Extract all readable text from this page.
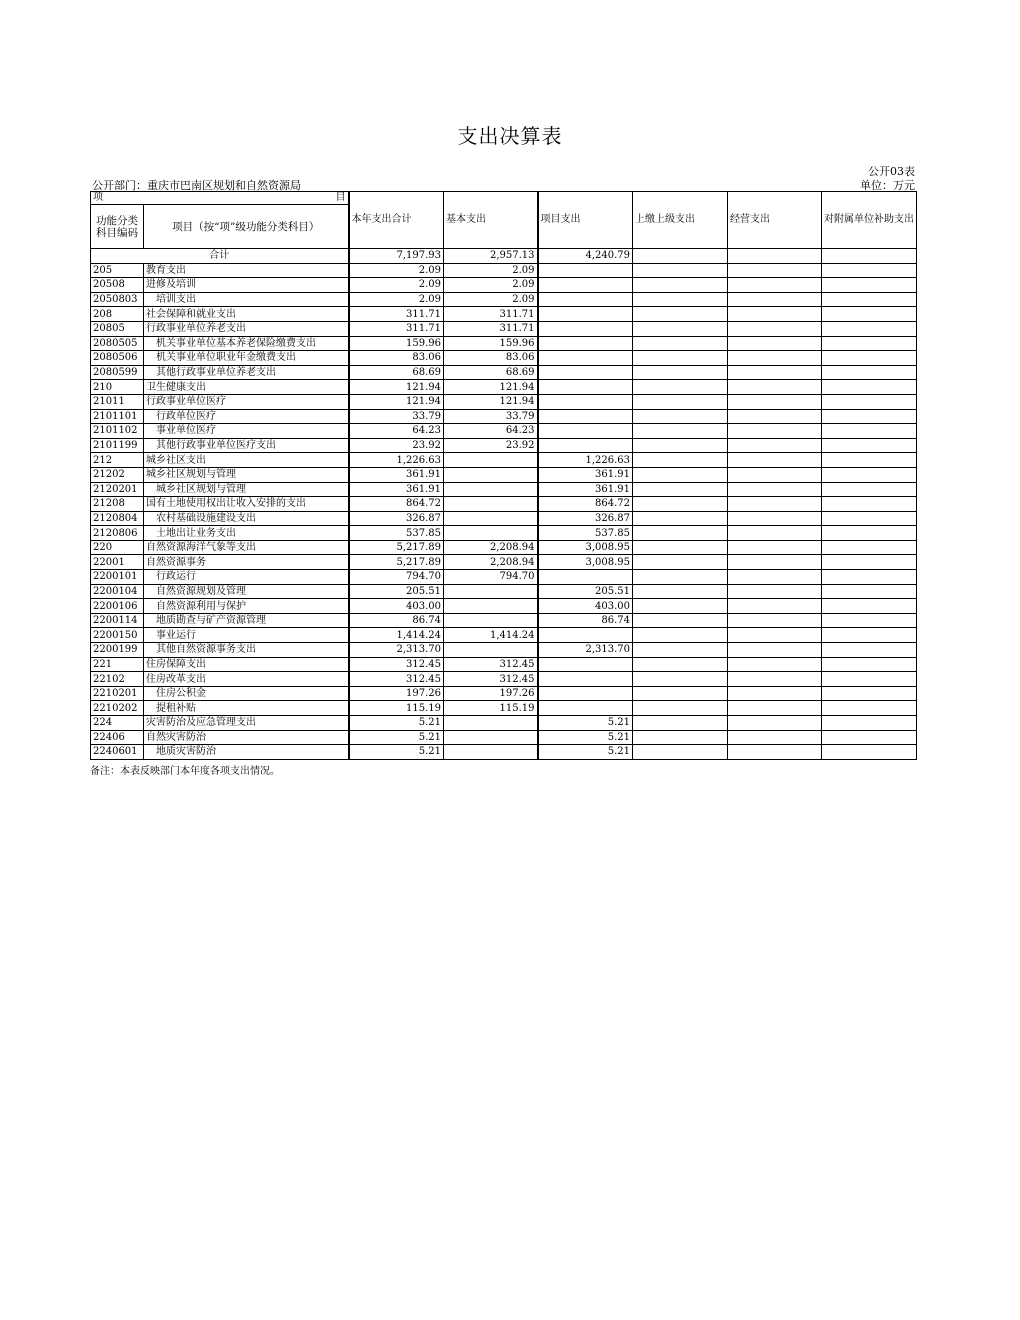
支出决算表
公开03表
公开部门：重庆市巴南区规划和自然资源局	单位：万元
项 目		本年支出合计	基本支出	项目支出	上缴上级支出	经营支出	对附属单位补助支出
功能分类科目编码	项目（按“项”级功能分类科目）						
合计		7,197.93	2,957.13	4,240.79			
205	教育支出	2.09	2.09				
20508	进修及培训	2.09	2.09				
2050803	培训支出	2.09	2.09				
208	社会保障和就业支出	311.71	311.71				
20805	行政事业单位养老支出	311.71	311.71				
2080505	机关事业单位基本养老保险缴费支出	159.96	159.96				
2080506	机关事业单位职业年金缴费支出	83.06	83.06				
2080599	其他行政事业单位养老支出	68.69	68.69				
210	卫生健康支出	121.94	121.94				
21011	行政事业单位医疗	121.94	121.94				
2101101	行政单位医疗	33.79	33.79				
2101102	事业单位医疗	64.23	64.23				
2101199	其他行政事业单位医疗支出	23.92	23.92				
212	城乡社区支出	1,226.63		1,226.63			
21202	城乡社区规划与管理	361.91		361.91			
2120201	城乡社区规划与管理	361.91		361.91			
21208	国有土地使用权出让收入安排的支出	864.72		864.72			
2120804	农村基础设施建设支出	326.87		326.87			
2120806	土地出让业务支出	537.85		537.85			
220	自然资源海洋气象等支出	5,217.89	2,208.94	3,008.95			
22001	自然资源事务	5,217.89	2,208.94	3,008.95			
2200101	行政运行	794.70	794.70				
2200104	自然资源规划及管理	205.51		205.51			
2200106	自然资源利用与保护	403.00		403.00			
2200114	地质勘查与矿产资源管理	86.74		86.74			
2200150	事业运行	1,414.24	1,414.24				
2200199	其他自然资源事务支出	2,313.70		2,313.70			
221	住房保障支出	312.45	312.45				
22102	住房改革支出	312.45	312.45				
2210201	住房公积金	197.26	197.26				
2210202	提租补贴	115.19	115.19				
224	灾害防治及应急管理支出	5.21		5.21			
22406	自然灾害防治	5.21		5.21			
2240601	地质灾害防治	5.21		5.21			
备注：本表反映部门本年度各项支出情况。
